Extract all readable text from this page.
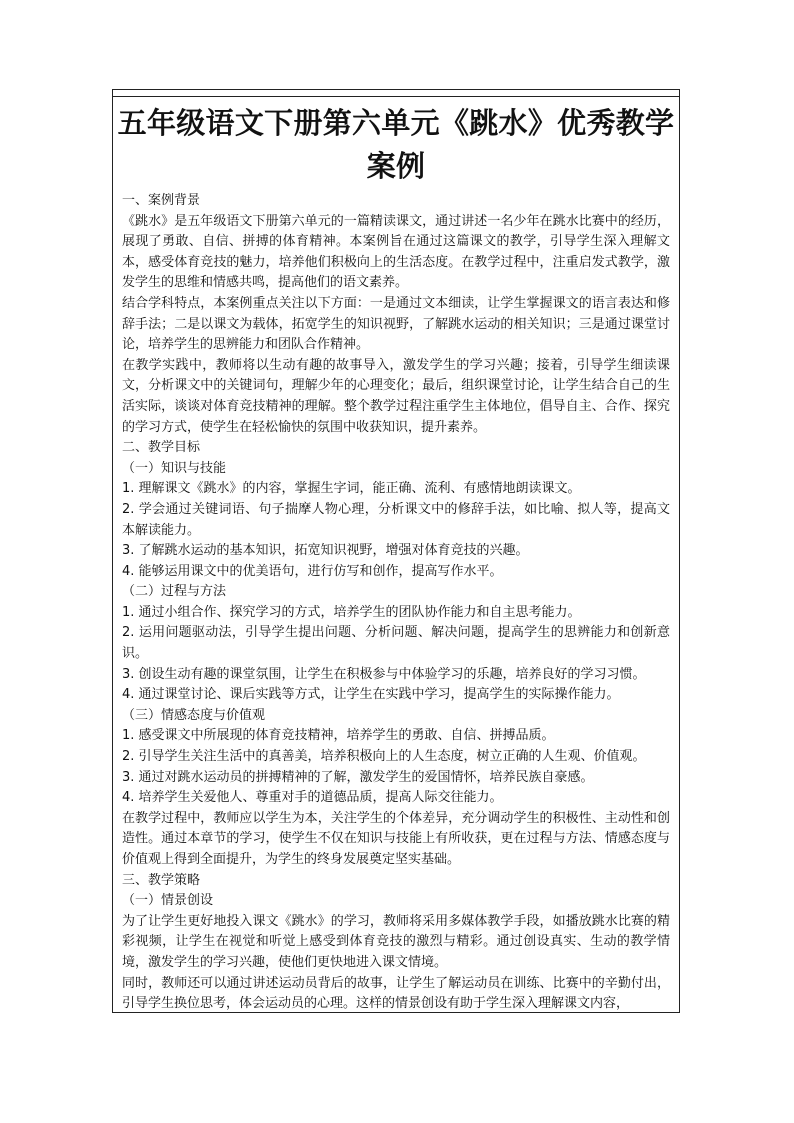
五年级语文下册第六单元《跳水》优秀教学案例

一、案例背景

《跳水》是五年级语文下册第六单元的一篇精读课文，通过讲述一名少年在跳水比赛中的经历，展现了勇敢、自信、拼搏的体育精神。本案例旨在通过这篇课文的教学，引导学生深入理解文本，感受体育竞技的魅力，培养他们积极向上的生活态度。在教学过程中，注重启发式教学，激发学生的思维和情感共鸣，提高他们的语文素养。

结合学科特点，本案例重点关注以下方面：一是通过文本细读，让学生掌握课文的语言表达和修辞手法；二是以课文为载体，拓宽学生的知识视野，了解跳水运动的相关知识；三是通过课堂讨论，培养学生的思辨能力和团队合作精神。

在教学实践中，教师将以生动有趣的故事导入，激发学生的学习兴趣；接着，引导学生细读课文，分析课文中的关键词句，理解少年的心理变化；最后，组织课堂讨论，让学生结合自己的生活实际，谈谈对体育竞技精神的理解。整个教学过程注重学生主体地位，倡导自主、合作、探究的学习方式，使学生在轻松愉快的氛围中收获知识，提升素养。

二、教学目标

（一）知识与技能

1. 理解课文《跳水》的内容，掌握生字词，能正确、流利、有感情地朗读课文。

2. 学会通过关键词语、句子揣摩人物心理，分析课文中的修辞手法，如比喻、拟人等，提高文本解读能力。

3. 了解跳水运动的基本知识，拓宽知识视野，增强对体育竞技的兴趣。

4. 能够运用课文中的优美语句，进行仿写和创作，提高写作水平。

（二）过程与方法

1. 通过小组合作、探究学习的方式，培养学生的团队协作能力和自主思考能力。

2. 运用问题驱动法，引导学生提出问题、分析问题、解决问题，提高学生的思辨能力和创新意识。

3. 创设生动有趣的课堂氛围，让学生在积极参与中体验学习的乐趣，培养良好的学习习惯。

4. 通过课堂讨论、课后实践等方式，让学生在实践中学习，提高学生的实际操作能力。

（三）情感态度与价值观

1. 感受课文中所展现的体育竞技精神，培养学生的勇敢、自信、拼搏品质。

2. 引导学生关注生活中的真善美，培养积极向上的人生态度，树立正确的人生观、价值观。

3. 通过对跳水运动员的拼搏精神的了解，激发学生的爱国情怀，培养民族自豪感。

4. 培养学生关爱他人、尊重对手的道德品质，提高人际交往能力。

在教学过程中，教师应以学生为本，关注学生的个体差异，充分调动学生的积极性、主动性和创造性。通过本章节的学习，使学生不仅在知识与技能上有所收获，更在过程与方法、情感态度与价值观上得到全面提升，为学生的终身发展奠定坚实基础。

三、教学策略

（一）情景创设

为了让学生更好地投入课文《跳水》的学习，教师将采用多媒体教学手段，如播放跳水比赛的精彩视频，让学生在视觉和听觉上感受到体育竞技的激烈与精彩。通过创设真实、生动的教学情境，激发学生的学习兴趣，使他们更快地进入课文情境。

同时，教师还可以通过讲述运动员背后的故事，让学生了解运动员在训练、比赛中的辛勤付出，引导学生换位思考，体会运动员的心理。这样的情景创设有助于学生深入理解课文内容，
